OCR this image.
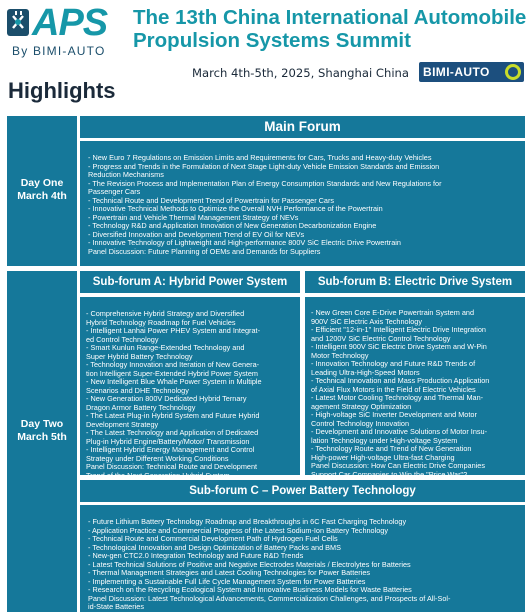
APS
By BIMI-AUTO
The 13th China International Automobile
Propulsion Systems Summit
Highlights
March 4th-5th, 2025, Shanghai China BIMI-AUTO
Day One
March 4th
Day Two
March 5th
Main Forum
- New Euro 7 Regulations on Emission Limits and Requirements for Cars, Trucks and Heavy-duty Vehicles
- Progress and Trends in the Formulation of Next Stage Light-duty Vehicle Emission Standards and Emission
Reduction Mechanisms
- The Revision Process and Implementation Plan of Energy Consumption Standards and New Regulations for
Passenger Cars
- Technical Route and Development Trend of Powertrain for Passenger Cars
- Innovative Technical Methods to Optimize the Overall NVH Performance of the Powertrain
- Powertrain and Vehicle Thermal Management Strategy of NEVs
- Technology R&D and Application Innovation of New Generation Decarbonization Engine
- Diversified Innovation and Development Trend of EV Oil for NEVs
- Innovative Technology of Lightweight and High-performance 800V SiC Electric Drive Powertrain
Panel Discussion: Future Planning of OEMs and Demands for Suppliers
Sub-forum A: Hybrid Power System
- Comprehensive Hybrid Strategy and Diversified
Hybrid Technology Roadmap for Fuel Vehicles
- Intelligent Lanhai Power PHEV System and Integrat-
ed Control Technology
- Smart Kunlun Range-Extended Technology and
Super Hybrid Battery Technology
- Technology Innovation and Iteration of New Genera-
tion Intelligent Super-Extended Hybrid Power System
- New Intelligent Blue Whale Power System in Multiple
Scenarios and DHE Technology
- New Generation 800V Dedicated Hybrid Ternary
Dragon Armor Battery Technology
- The Latest Plug-in Hybrid System and Future Hybrid
Development Strategy
- The Latest Technology and Application of Dedicated
Plug-in Hybrid Engine/Battery/Motor/ Transmission
- Intelligent Hybrid Energy Management and Control
Strategy under Different Working Conditions
Panel Discussion: Technical Route and Development
Trend of the Next Generation Hybrid System
Sub-forum B: Electric Drive System
- New Green Core E-Drive Powertrain System and
900V SiC Electric Axis Technology
- Efficient "12-in-1" Intelligent Electric Drive Integration
and 1200V SiC Electric Control Technology
- Intelligent 900V SiC Electric Drive System and W-Pin
Motor Technology
- Innovation Technology and Future R&D Trends of
Leading Ultra-High-Speed Motors
- Technical Innovation and Mass Production Application
of Axial Flux Motors in the Field of Electric Vehicles
- Latest Motor Cooling Technology and Thermal Man-
agement Strategy Optimization
- High-voltage SiC Inverter Development and Motor
Control Technology Innovation
- Development and Innovative Solutions of Motor Insu-
lation Technology under High-voltage System
- Technology Route and Trend of New Generation
High-power High-voltage Ultra-fast Charging
Panel Discussion: How Can Electric Drive Companies
Support Car Companies to Win the "Price War"?
Sub-forum C – Power Battery Technology
- Future Lithium Battery Technology Roadmap and Breakthroughs in 6C Fast Charging Technology
- Application Practice and Commercial Progress of the Latest Sodium-Ion Battery Technology
- Technical Route and Commercial Development Path of Hydrogen Fuel Cells
- Technological Innovation and Design Optimization of Battery Packs and BMS
- New-gen CTC2.0 Integration Technology and Future R&D Trends
- Latest Technical Solutions of Positive and Negative Electrodes Materials / Electrolytes for Batteries
- Thermal Management Strategies and Latest Cooling Technologies for Power Batteries
- Implementing a Sustainable Full Life Cycle Management System for Power Batteries
- Research on the Recycling Ecological System and Innovative Business Models for Waste Batteries
Panel Discussion: Latest Technological Advancements, Commercialization Challenges, and Prospects of All-Sol-
id-State Batteries
